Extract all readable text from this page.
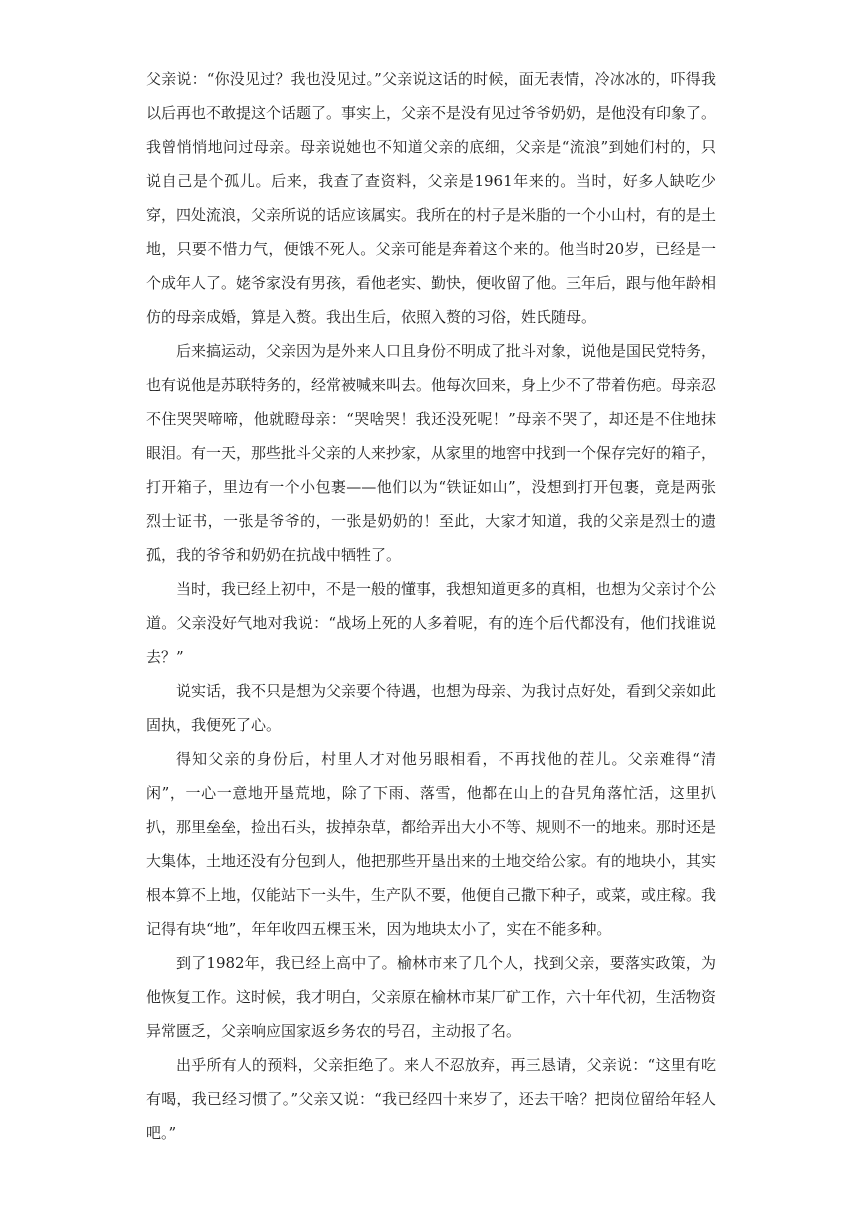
父亲说：“你没见过？我也没见过。”父亲说这话的时候，面无表情，冷冰冰的，吓得我以后再也不敢提这个话题了。事实上，父亲不是没有见过爷爷奶奶，是他没有印象了。我曾悄悄地问过母亲。母亲说她也不知道父亲的底细，父亲是“流浪”到她们村的，只说自己是个孤儿。后来，我查了查资料，父亲是1961年来的。当时，好多人缺吃少穿，四处流浪，父亲所说的话应该属实。我所在的村子是米脂的一个小山村，有的是土地，只要不惜力气，便饿不死人。父亲可能是奔着这个来的。他当时20岁，已经是一个成年人了。姥爷家没有男孩，看他老实、勤快，便收留了他。三年后，跟与他年龄相仿的母亲成婚，算是入赘。我出生后，依照入赘的习俗，姓氏随母。

后来搞运动，父亲因为是外来人口且身份不明成了批斗对象，说他是国民党特务，也有说他是苏联特务的，经常被喊来叫去。他每次回来，身上少不了带着伤疤。母亲忍不住哭哭啼啼，他就瞪母亲：“哭啥哭！我还没死呢！”母亲不哭了，却还是不住地抹眼泪。有一天，那些批斗父亲的人来抄家，从家里的地窖中找到一个保存完好的箱子，打开箱子，里边有一个小包裹——他们以为“铁证如山”，没想到打开包裹，竟是两张烈士证书，一张是爷爷的，一张是奶奶的！至此，大家才知道，我的父亲是烈士的遗孤，我的爷爷和奶奶在抗战中牺牲了。

当时，我已经上初中，不是一般的懂事，我想知道更多的真相，也想为父亲讨个公道。父亲没好气地对我说：“战场上死的人多着呢，有的连个后代都没有，他们找谁说去？”

说实话，我不只是想为父亲要个待遇，也想为母亲、为我讨点好处，看到父亲如此固执，我便死了心。

得知父亲的身份后，村里人才对他另眼相看，不再找他的茬儿。父亲难得“清闲”，一心一意地开垦荒地，除了下雨、落雪，他都在山上的旮旯角落忙活，这里扒扒，那里垒垒，捡出石头，拔掉杂草，都给弄出大小不等、规则不一的地来。那时还是大集体，土地还没有分包到人，他把那些开垦出来的土地交给公家。有的地块小，其实根本算不上地，仅能站下一头牛，生产队不要，他便自己撒下种子，或菜，或庄稼。我记得有块“地”，年年收四五棵玉米，因为地块太小了，实在不能多种。

到了1982年，我已经上高中了。榆林市来了几个人，找到父亲，要落实政策，为他恢复工作。这时候，我才明白，父亲原在榆林市某厂矿工作，六十年代初，生活物资异常匮乏，父亲响应国家返乡务农的号召，主动报了名。

出乎所有人的预料，父亲拒绝了。来人不忍放弃，再三恳请，父亲说：“这里有吃有喝，我已经习惯了。”父亲又说：“我已经四十来岁了，还去干啥？把岗位留给年轻人吧。”
